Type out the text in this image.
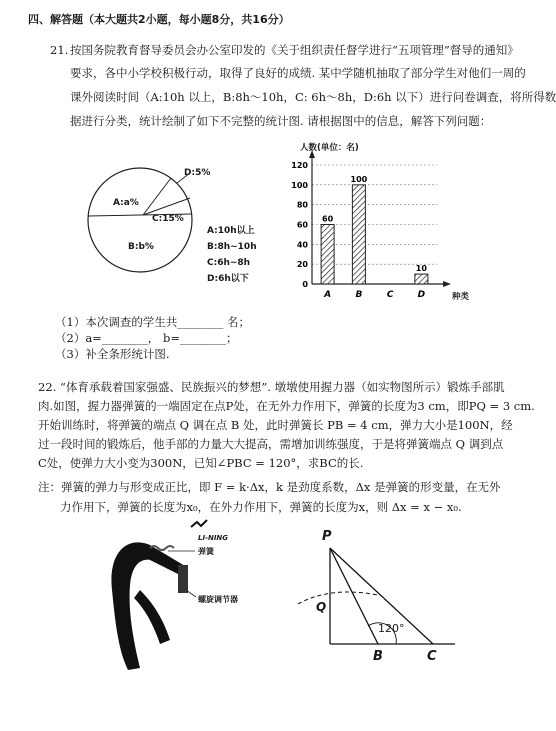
四、解答题（本大题共2小题，每小题8分，共16分）
21. 按国务院教育督导委员会办公室印发的《关于组织责任督学进行“五项管理”督导的通知》
要求，各中小学校积极行动，取得了良好的成绩. 某中学随机抽取了部分学生对他们一周的
课外阅读时间（A:10h 以上，B:8h～10h，C: 6h～8h，D:6h 以下）进行问卷调查，将所得数
据进行分类，统计绘制了如下不完整的统计图. 请根据图中的信息，解答下列问题：
D:5%
A:a%
C:15%
B:b%
A:10h以上
B:8h~10h
C:6h~8h
D:6h以下
0
20
40
60
80
100
120
A	B	C	D
60
100
10
人数(单位：名)
种类
（1）本次调查的学生共________ 名；
（2）a=________， b=________；
（3）补全条形统计图.
22. “体育承载着国家强盛、民族振兴的梦想”. 墩墩使用握力器（如实物图所示）锻炼手部肌
肉.如图，握力器弹簧的一端固定在点P处，在无外力作用下，弹簧的长度为3 cm，即PQ = 3 cm.
开始训练时，将弹簧的端点 Q 调在点 B 处，此时弹簧长 PB = 4 cm，弹力大小是100N，经
过一段时间的锻炼后，他手部的力量大大提高，需增加训练强度，于是将弹簧端点 Q 调到点
C处，使弹力大小变为300N，已知∠PBC = 120°，求BC的长.
注：弹簧的弹力与形变成正比，即 F = k·Δx，k 是劲度系数，Δx 是弹簧的形变量，在无外
力作用下，弹簧的长度为x₀，在外力作用下，弹簧的长度为x，则 Δx = x − x₀.
LI-NING
弹簧
螺旋调节器
P
Q
B	C
120°
